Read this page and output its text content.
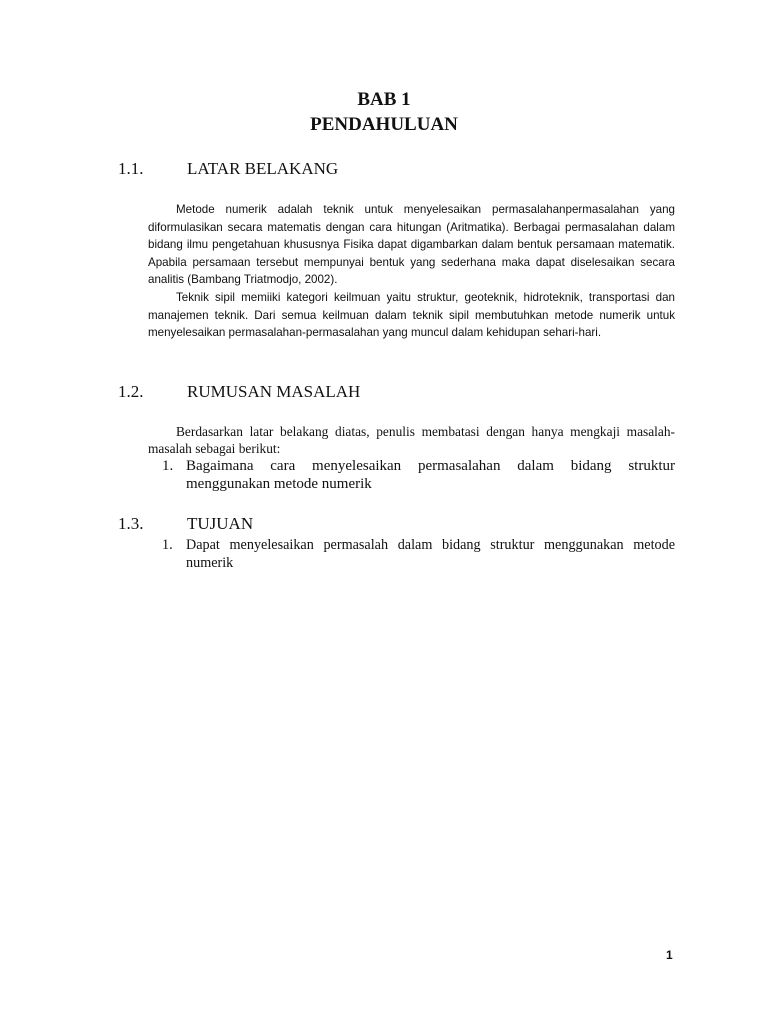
BAB 1
PENDAHULUAN
1.1.	LATAR BELAKANG

Metode numerik adalah teknik untuk menyelesaikan permasalahanpermasalahan yang diformulasikan secara matematis dengan cara hitungan (Aritmatika). Berbagai permasalahan dalam bidang ilmu pengetahuan khususnya Fisika dapat digambarkan dalam bentuk persamaan matematik. Apabila persamaan tersebut mempunyai bentuk yang sederhana maka dapat diselesaikan secara analitis (Bambang Triatmodjo, 2002).

Teknik sipil memiiki kategori keilmuan yaitu struktur, geoteknik, hidroteknik, transportasi dan manajemen teknik. Dari semua keilmuan dalam teknik sipil membutuhkan metode numerik untuk menyelesaikan permasalahan-permasalahan yang muncul dalam kehidupan sehari-hari.

1.2.	RUMUSAN MASALAH

Berdasarkan latar belakang diatas, penulis membatasi dengan hanya mengkaji masalah-masalah sebagai berikut:

1. Bagaimana cara menyelesaikan permasalahan dalam bidang struktur menggunakan metode numerik
1.3.	TUJUAN
1. Dapat menyelesaikan permasalah dalam bidang struktur menggunakan metode numerik
1
